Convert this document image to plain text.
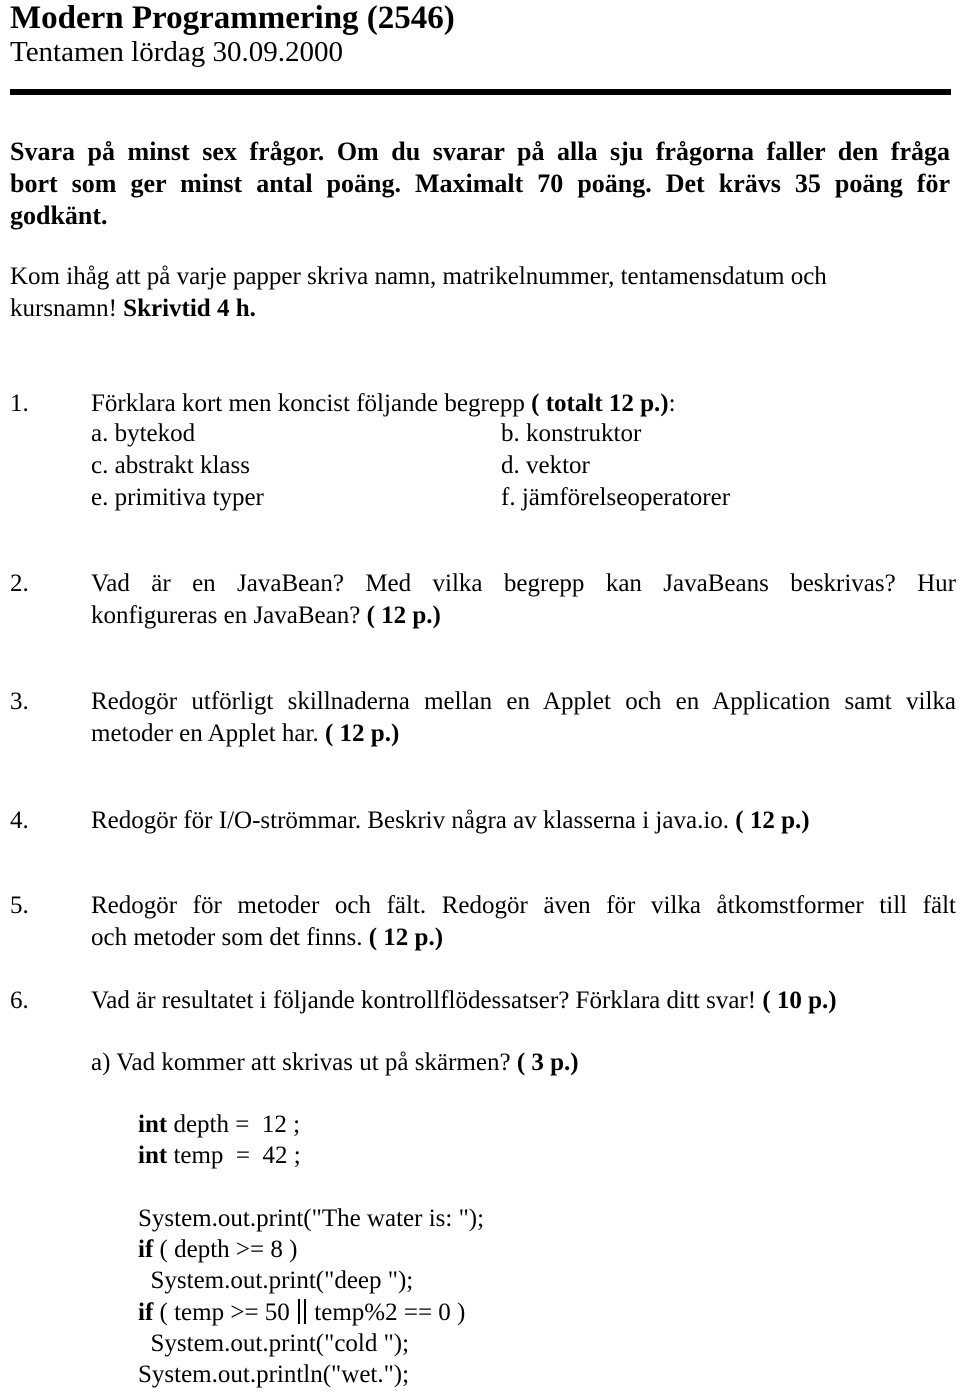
Modern Programmering (2546)
Tentamen lördag 30.09.2000
Svara på minst sex frågor. Om du svarar på alla sju frågorna faller den fråga
bort som ger minst antal poäng. Maximalt 70 poäng. Det krävs 35 poäng för
godkänt.
Kom ihåg att på varje papper skriva namn, matrikelnummer, tentamensdatum och
kursnamn! Skrivtid 4 h.
1. Förklara kort men koncist följande begrepp ( totalt 12 p.):
a. bytekod	b. konstruktor
c. abstrakt klass	d. vektor
e. primitiva typer	f. jämförelseoperatorer
2. Vad är en JavaBean? Med vilka begrepp kan JavaBeans beskrivas? Hur
konfigureras en JavaBean? ( 12 p.)
3. Redogör utförligt skillnaderna mellan en Applet och en Application samt vilka
metoder en Applet har. ( 12 p.)
4. Redogör för I/O-strömmar. Beskriv några av klasserna i java.io. ( 12 p.)
5. Redogör för metoder och fält. Redogör även för vilka åtkomstformer till fält
och metoder som det finns. ( 12 p.)
6. Vad är resultatet i följande kontrollflödessatser? Förklara ditt svar! ( 10 p.)
a) Vad kommer att skrivas ut på skärmen? ( 3 p.)
int depth =  12 ;
int temp  =  42 ;
System.out.print("The water is: ");
if ( depth >= 8 )
System.out.print("deep ");
if ( temp >= 50  temp%2 == 0 )
System.out.print("cold ");
System.out.println("wet.");
